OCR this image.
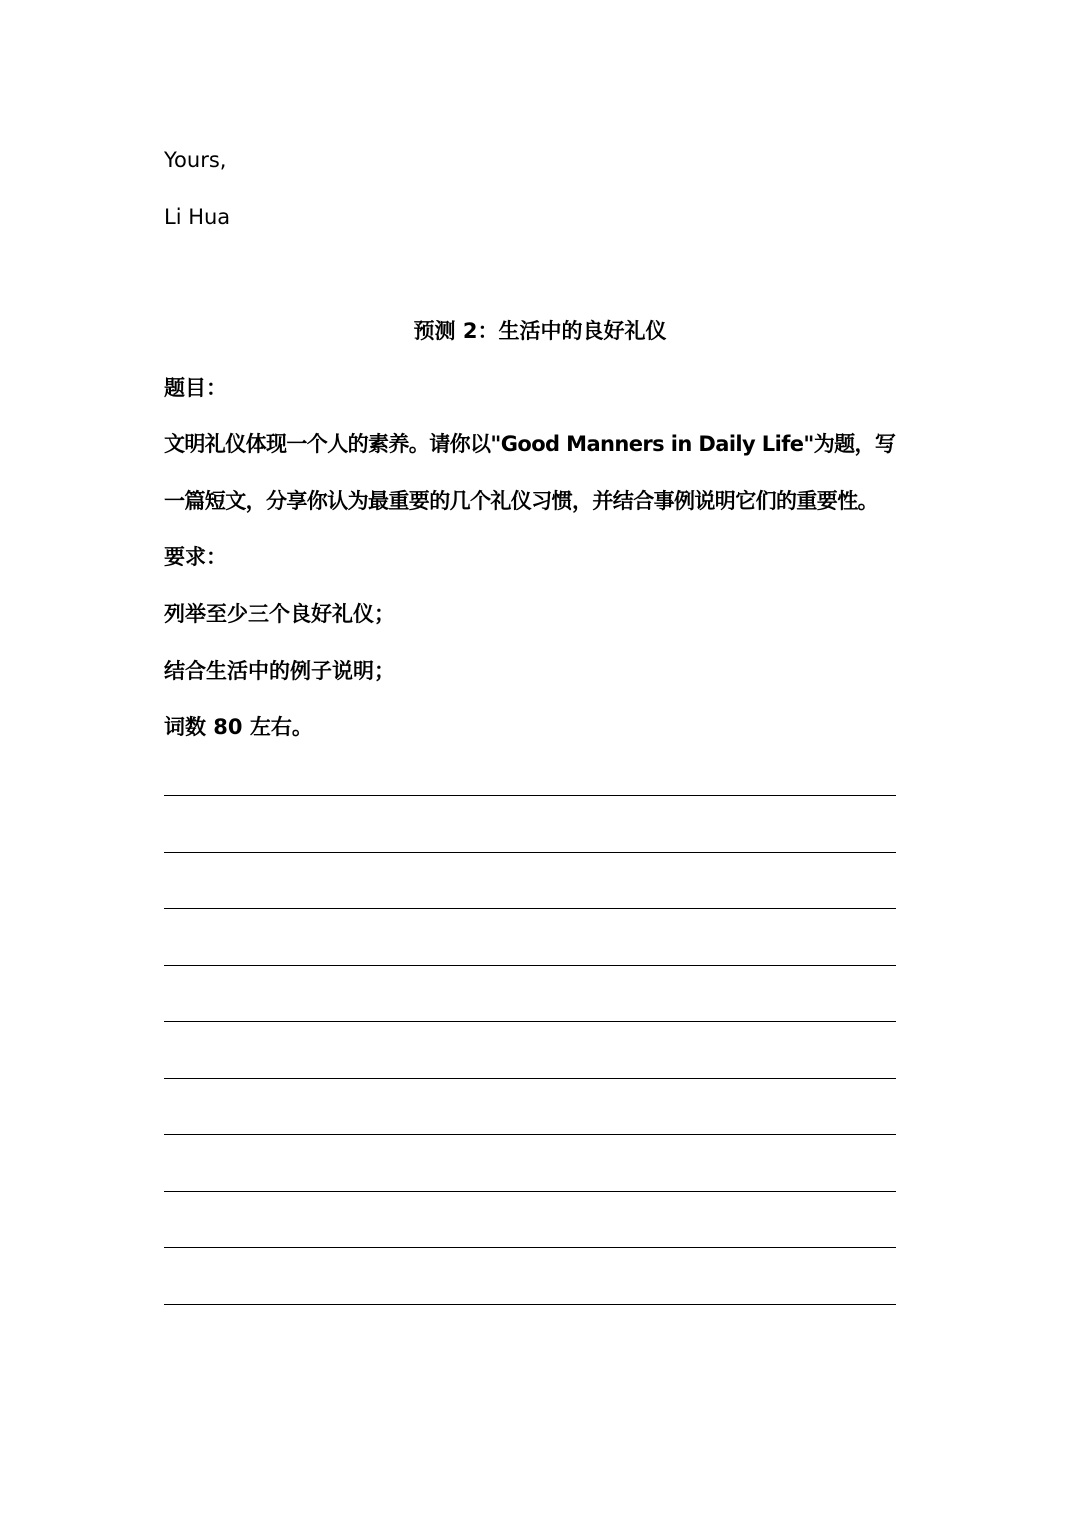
Yours,
Li Hua
预测 2：生活中的良好礼仪
题目：
文明礼仪体现一个人的素养。请你以"Good Manners in Daily Life"为题，写
一篇短文，分享你认为最重要的几个礼仪习惯，并结合事例说明它们的重要性。
要求：
列举至少三个良好礼仪；
结合生活中的例子说明；
词数 80 左右。
